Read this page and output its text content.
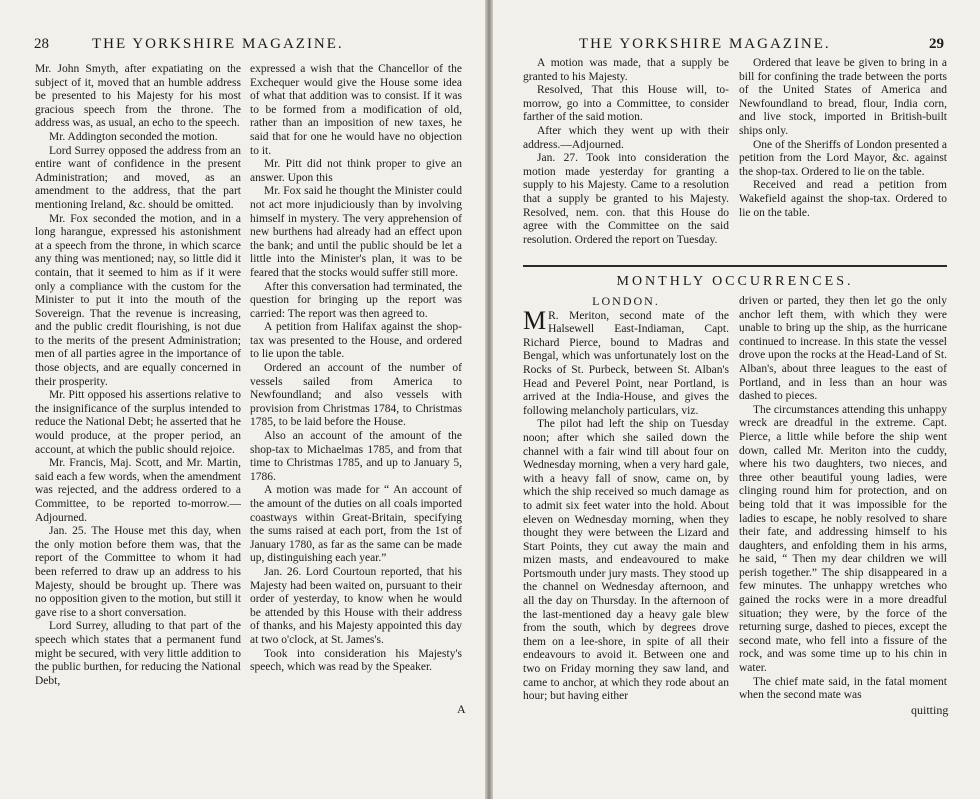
28	THE YORKSHIRE MAGAZINE.

Mr. John Smyth, after expatiating on the subject of it, moved that an humble address be presented to his Majesty for his most gracious speech from the throne. The address was, as usual, an echo to the speech.

Mr. Addington seconded the motion.

Lord Surrey opposed the address from an entire want of confidence in the present Administration; and moved, as an amendment to the address, that the part mentioning Ireland, &c. should be omitted.

Mr. Fox seconded the motion, and in a long harangue, expressed his astonishment at a speech from the throne, in which scarce any thing was mentioned; nay, so little did it contain, that it seemed to him as if it were only a compliance with the custom for the Minister to put it into the mouth of the Sovereign. That the revenue is increasing, and the public credit flourishing, is not due to the merits of the present Administration; men of all parties agree in the importance of those objects, and are equally concerned in their prosperity.

Mr. Pitt opposed his assertions relative to the insignificance of the surplus intended to reduce the National Debt; he asserted that he would produce, at the proper period, an account, at which the public should rejoice.

Mr. Francis, Maj. Scott, and Mr. Martin, said each a few words, when the amendment was rejected, and the address ordered to a Committee, to be reported to-morrow.—Adjourned.

Jan. 25. The House met this day, when the only motion before them was, that the report of the Committee to whom it had been referred to draw up an address to his Majesty, should be brought up. There was no opposition given to the motion, but still it gave rise to a short conversation.

Lord Surrey, alluding to that part of the speech which states that a permanent fund might be secured, with very little addition to the public burthen, for reducing the National Debt,

expressed a wish that the Chancellor of the Exchequer would give the House some idea of what that addition was to consist. If it was to be formed from a modification of old, rather than an imposition of new taxes, he said that for one he would have no objection to it.

Mr. Pitt did not think proper to give an answer. Upon this

Mr. Fox said he thought the Minister could not act more injudiciously than by involving himself in mystery. The very apprehension of new burthens had already had an effect upon the bank; and until the public should be let a little into the Minister's plan, it was to be feared that the stocks would suffer still more.

After this conversation had terminated, the question for bringing up the report was carried: The report was then agreed to.

A petition from Halifax against the shop-tax was presented to the House, and ordered to lie upon the table.

Ordered an account of the number of vessels sailed from America to Newfoundland; and also vessels with provision from Christmas 1784, to Christmas 1785, to be laid before the House.

Also an account of the amount of the shop-tax to Michaelmas 1785, and from that time to Christmas 1785, and up to January 5, 1786.

A motion was made for “ An account of the amount of the duties on all coals imported coastways within Great-Britain, specifying the sums raised at each port, from the 1st of January 1780, as far as the same can be made up, distinguishing each year.”

Jan. 26. Lord Courtoun reported, that his Majesty had been waited on, pursuant to their order of yesterday, to know when he would be attended by this House with their address of thanks, and his Majesty appointed this day at two o'clock, at St. James's.

Took into consideration his Majesty's speech, which was read by the Speaker.

A
THE YORKSHIRE MAGAZINE.	29

A motion was made, that a supply be granted to his Majesty.

Resolved, That this House will, to-morrow, go into a Committee, to consider farther of the said motion.

After which they went up with their address.—Adjourned.

Jan. 27. Took into consideration the motion made yesterday for granting a supply to his Majesty. Came to a resolution that a supply be granted to his Majesty. Resolved, nem. con. that this House do agree with the Committee on the said resolution. Ordered the report on Tuesday.

Ordered that leave be given to bring in a bill for confining the trade between the ports of the United States of America and Newfoundland to bread, flour, India corn, and live stock, imported in British-built ships only.

One of the Sheriffs of London presented a petition from the Lord Mayor, &c. against the shop-tax. Ordered to lie on the table.

Received and read a petition from Wakefield against the shop-tax. Ordered to lie on the table.

MONTHLY OCCURRENCES.
LONDON.

M R. Meriton, second mate of the Halsewell East-Indiaman, Capt. Richard Pierce, bound to Madras and Bengal, which was unfortunately lost on the Rocks of St. Purbeck, between St. Alban's Head and Peverel Point, near Portland, is arrived at the India-House, and gives the following melancholy particulars, viz.

The pilot had left the ship on Tuesday noon; after which she sailed down the channel with a fair wind till about four on Wednesday morning, when a very hard gale, with a heavy fall of snow, came on, by which the ship received so much damage as to admit six feet water into the hold. About eleven on Wednesday morning, when they thought they were between the Lizard and Start Points, they cut away the main and mizen masts, and endeavoured to make Portsmouth under jury masts. They stood up the channel on Wednesday afternoon, and all the day on Thursday. In the afternoon of the last-mentioned day a heavy gale blew from the south, which by degrees drove them on a lee-shore, in spite of all their endeavours to avoid it. Between one and two on Friday morning they saw land, and came to anchor, at which they rode about an hour; but having either

driven or parted, they then let go the only anchor left them, with which they were unable to bring up the ship, as the hurricane continued to increase. In this state the vessel drove upon the rocks at the Head-Land of St. Alban's, about three leagues to the east of Portland, and in less than an hour was dashed to pieces.

The circumstances attending this unhappy wreck are dreadful in the extreme. Capt. Pierce, a little while before the ship went down, called Mr. Meriton into the cuddy, where his two daughters, two nieces, and three other beautiful young ladies, were clinging round him for protection, and on being told that it was impossible for the ladies to escape, he nobly resolved to share their fate, and addressing himself to his daughters, and enfolding them in his arms, he said, “ Then my dear children we will perish together.” The ship disappeared in a few minutes. The unhappy wretches who gained the rocks were in a more dreadful situation; they were, by the force of the returning surge, dashed to pieces, except the second mate, who fell into a fissure of the rock, and was some time up to his chin in water.

The chief mate said, in the fatal moment when the second mate was

quitting
